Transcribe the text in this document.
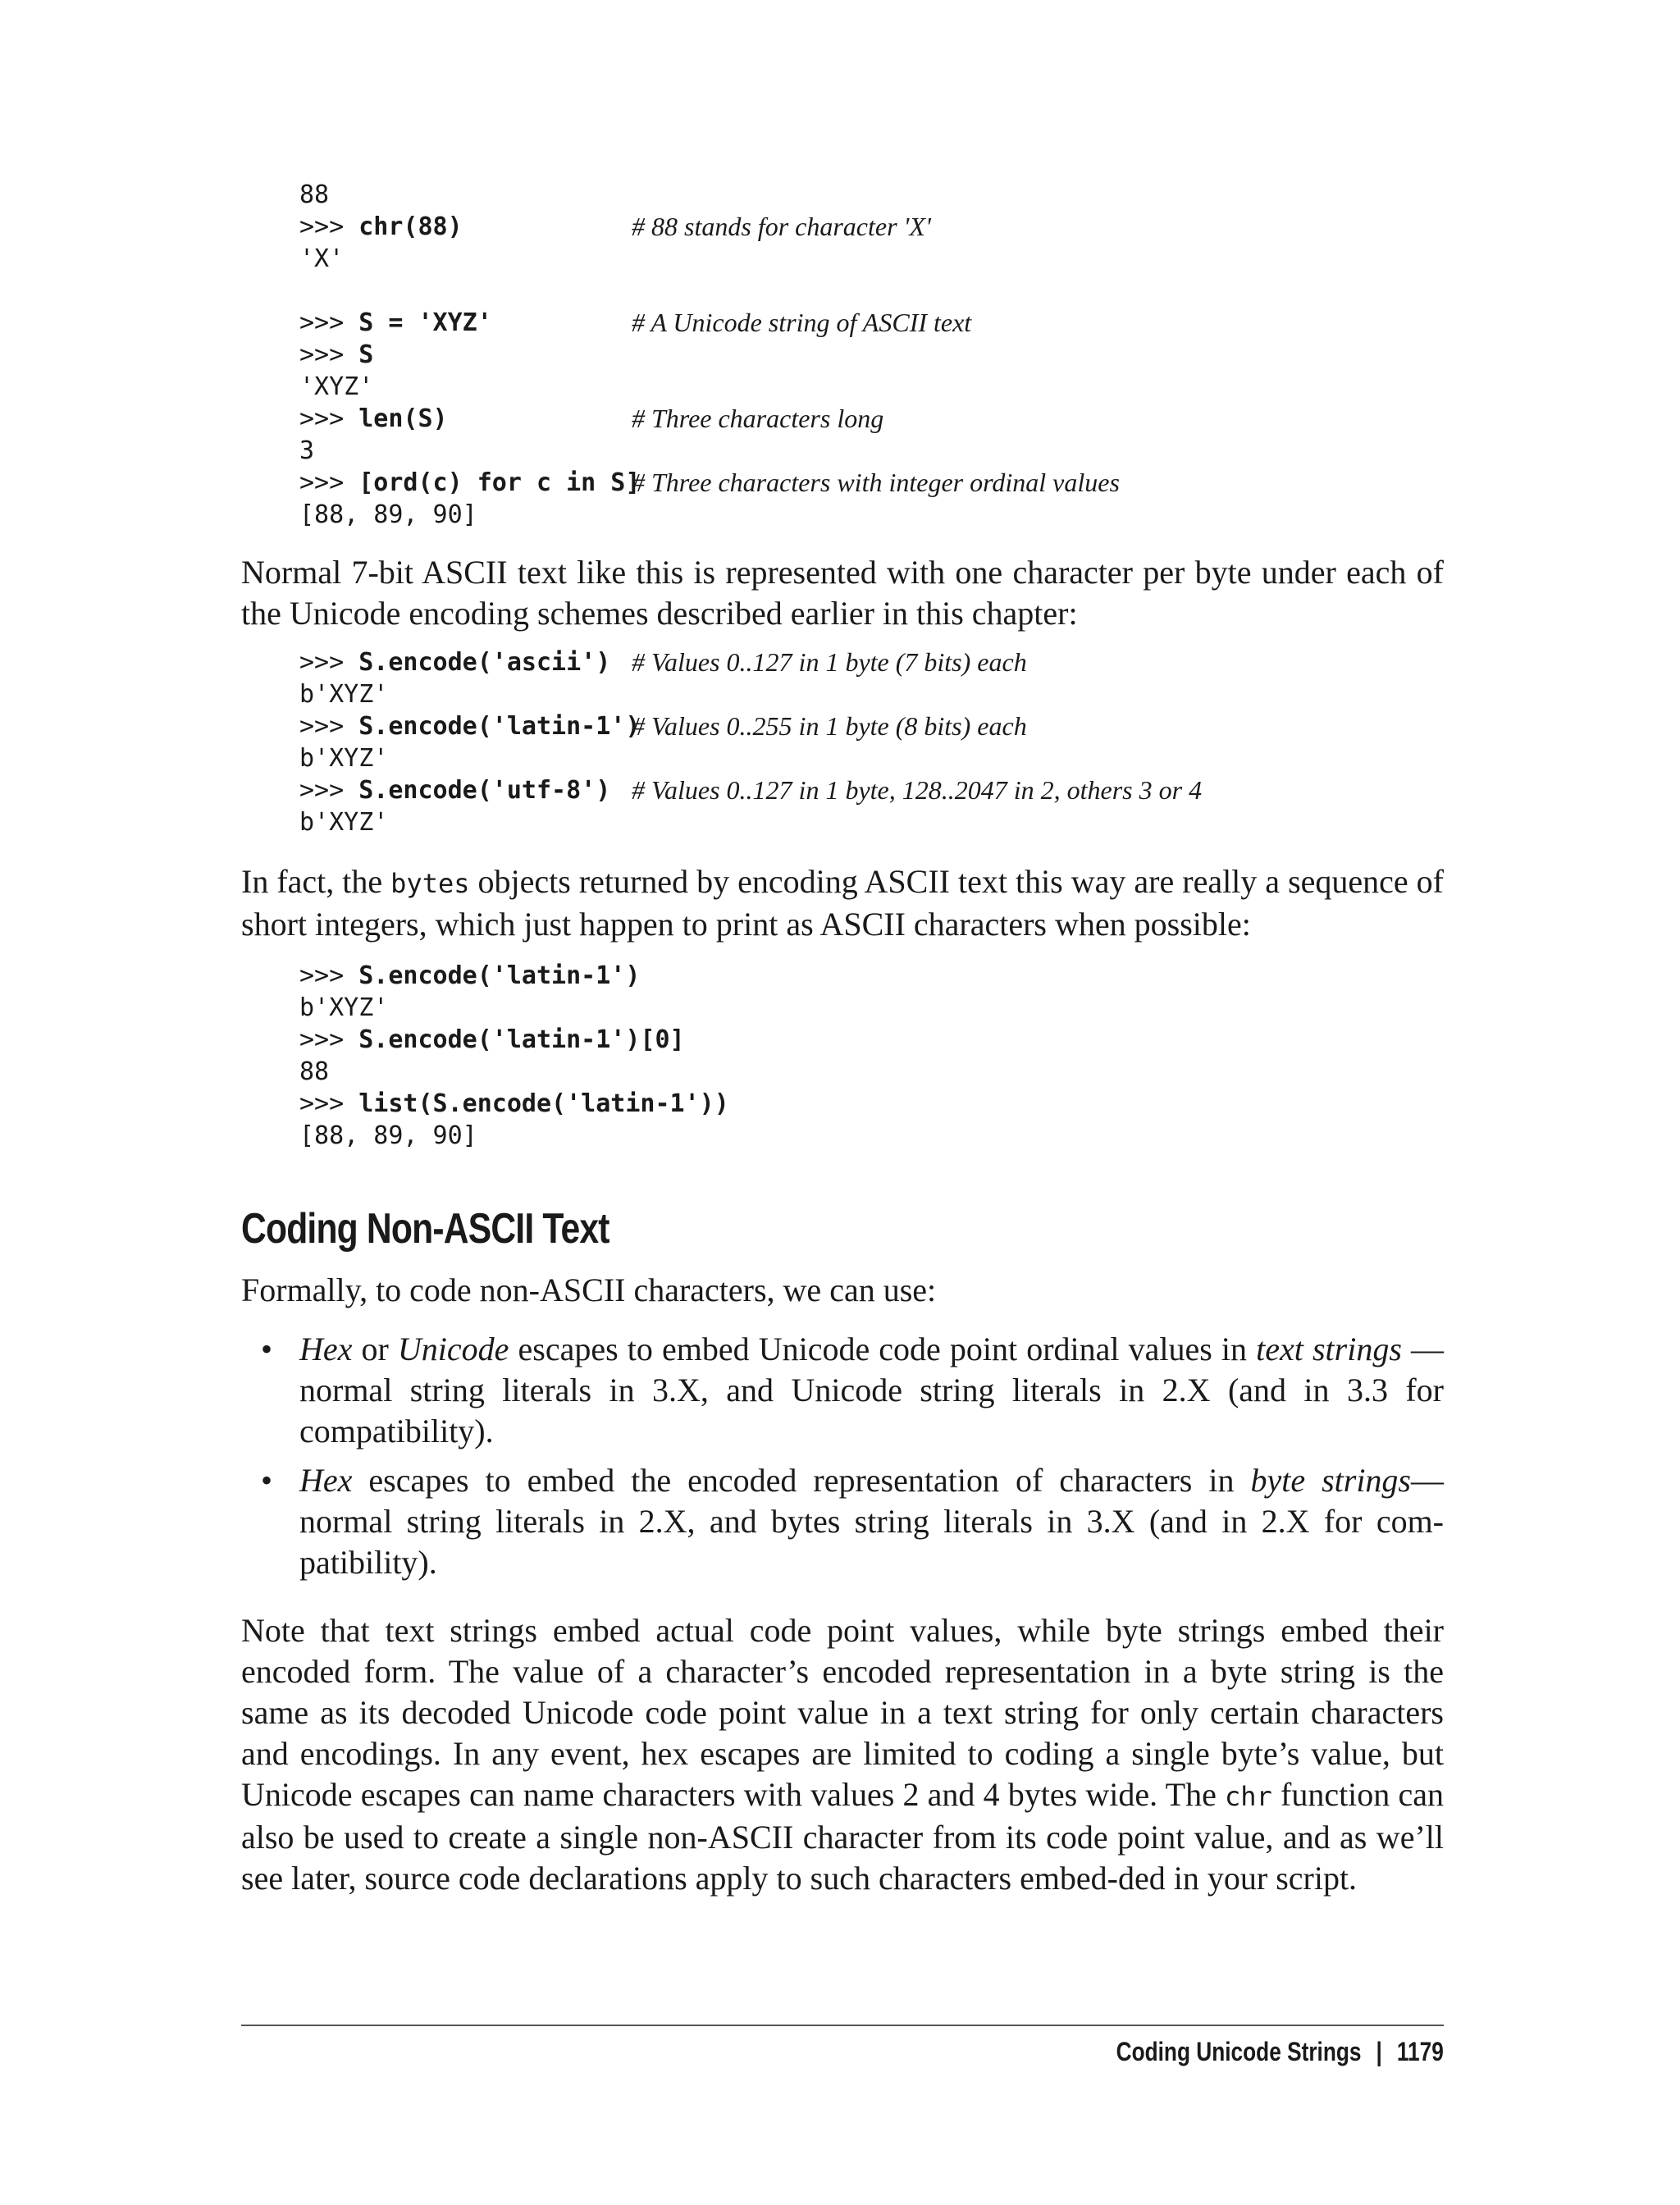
88
>>> chr(88)	# 88 stands for character 'X'
'X'
>>> S = 'XYZ'	# A Unicode string of ASCII text
>>> S
'XYZ'
>>> len(S)	# Three characters long
3
>>> [ord(c) for c in S]
# Three characters with integer ordinal values
[88, 89, 90]

Normal 7-bit ASCII text like this is represented with one character per byte under each of the Unicode encoding schemes described earlier in this chapter:

>>> S.encode('ascii') # Values 0..127 in 1 byte (7 bits) each
b'XYZ'
>>> S.encode('latin-1')
# Values 0..255 in 1 byte (8 bits) each
b'XYZ'
>>> S.encode('utf-8') # Values 0..127 in 1 byte, 128..2047 in 2, others 3 or 4
b'XYZ'

In fact, the bytes objects returned by encoding ASCII text this way are really a sequence of short integers, which just happen to print as ASCII characters when possible:

>>> S.encode('latin-1')
b'XYZ'
>>> S.encode('latin-1')[0]
88
>>> list(S.encode('latin-1'))
[88, 89, 90]
Coding Non-ASCII Text

Formally, to code non-ASCII characters, we can use:

• Hex or Unicode escapes to embed Unicode code point ordinal values in text strings —normal string literals in 3.X, and Unicode string literals in 2.X (and in 3.3 for compatibility).
• Hex escapes to embed the encoded representation of characters in byte strings— normal string literals in 2.X, and bytes string literals in 3.X (and in 2.X for com-patibility).

Note that text strings embed actual code point values, while byte strings embed their encoded form. The value of a character’s encoded representation in a byte string is the same as its decoded Unicode code point value in a text string for only certain characters and encodings. In any event, hex escapes are limited to coding a single byte’s value, but Unicode escapes can name characters with values 2 and 4 bytes wide. The chr function can also be used to create a single non-ASCII character from its code point value, and as we’ll see later, source code declarations apply to such characters embed-ded in your script.

Coding Unicode Strings | 1179
